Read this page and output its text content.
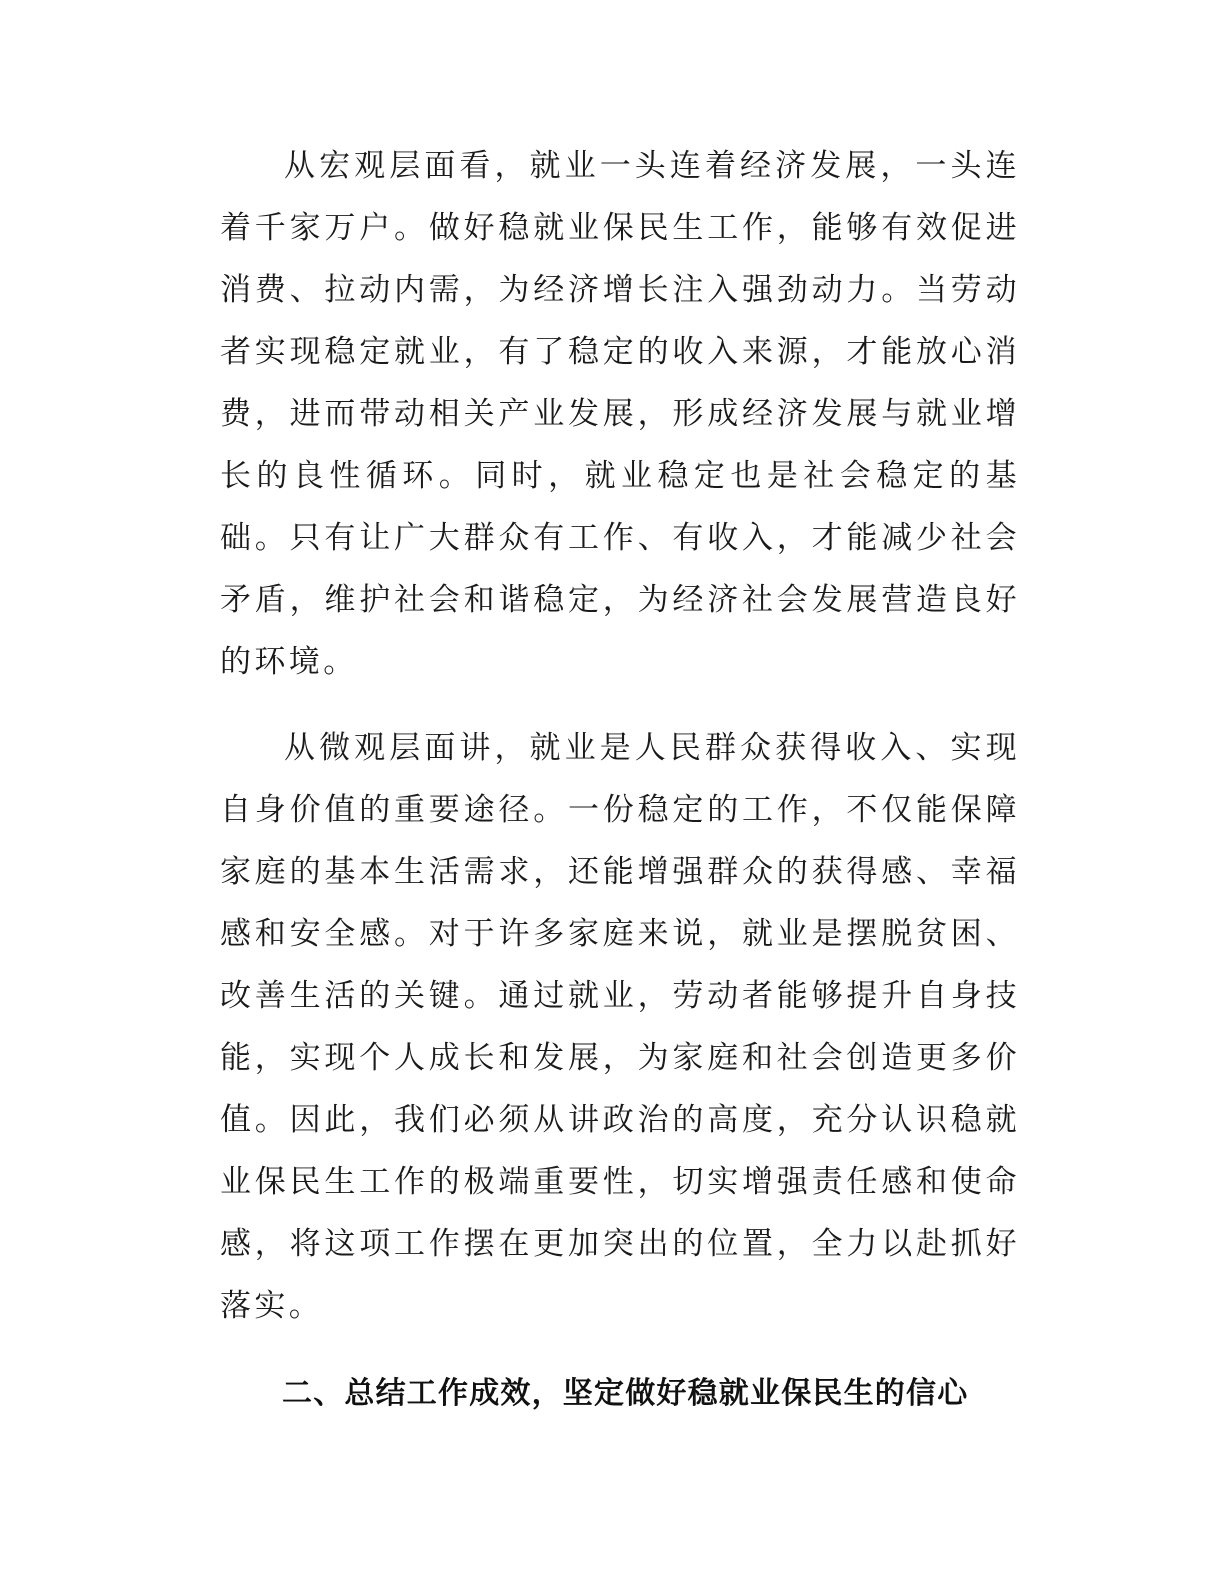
从宏观层面看，就业一头连着经济发展，一头连着千家万户。做好稳就业保民生工作，能够有效促进消费、拉动内需，为经济增长注入强劲动力。当劳动者实现稳定就业，有了稳定的收入来源，才能放心消费，进而带动相关产业发展，形成经济发展与就业增长的良性循环。同时，就业稳定也是社会稳定的基础。只有让广大群众有工作、有收入，才能减少社会矛盾，维护社会和谐稳定，为经济社会发展营造良好的环境。

从微观层面讲，就业是人民群众获得收入、实现自身价值的重要途径。一份稳定的工作，不仅能保障家庭的基本生活需求，还能增强群众的获得感、幸福感和安全感。对于许多家庭来说，就业是摆脱贫困、改善生活的关键。通过就业，劳动者能够提升自身技能，实现个人成长和发展，为家庭和社会创造更多价值。因此，我们必须从讲政治的高度，充分认识稳就业保民生工作的极端重要性，切实增强责任感和使命感，将这项工作摆在更加突出的位置，全力以赴抓好落实。

二、总结工作成效，坚定做好稳就业保民生的信心
